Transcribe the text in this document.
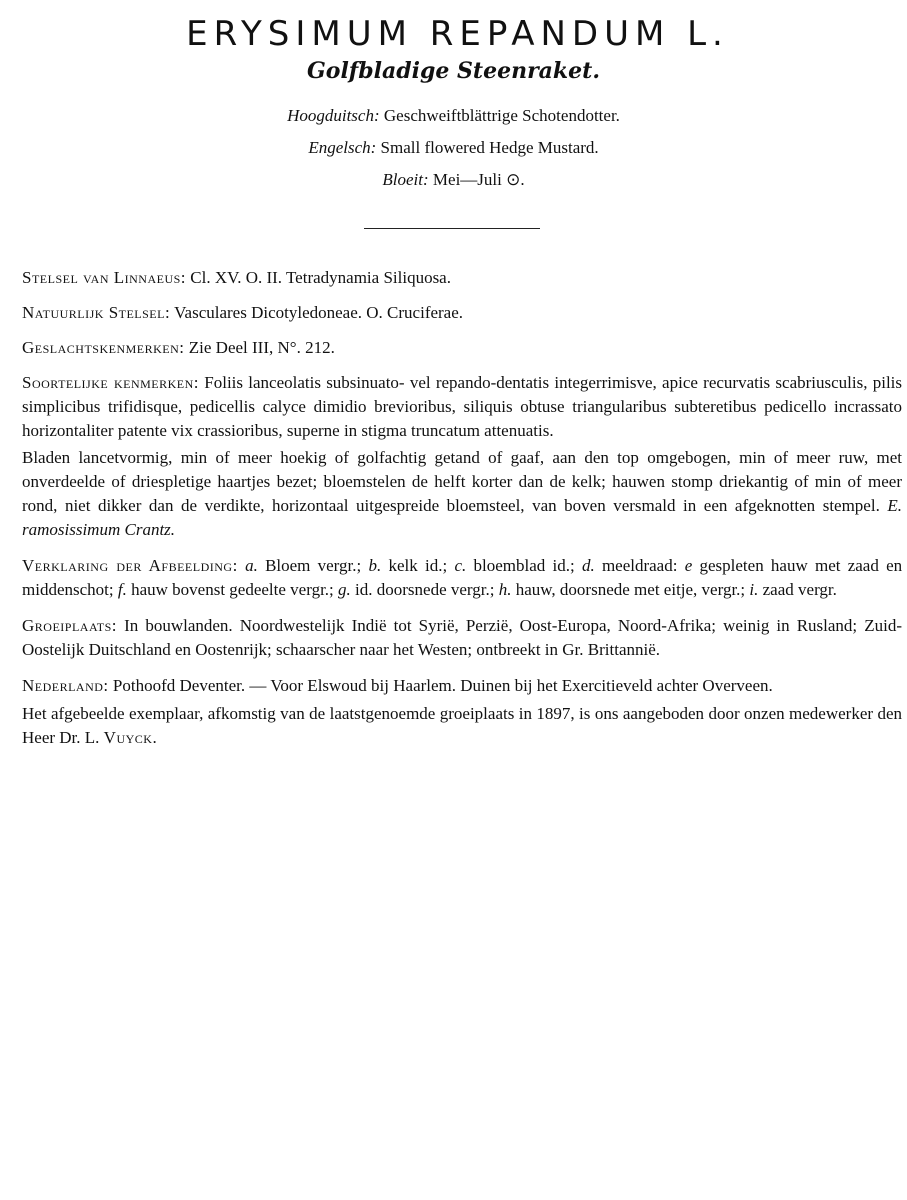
ERYSIMUM REPANDUM L.
Golfbladige Steenraket.
Hoogduitsch: Geschweiftblättrige Schotendotter.
Engelsch: Small flowered Hedge Mustard.
Bloeit: Mei—Juli ⊙.

Stelsel van Linnaeus: Cl. XV. O. II. Tetradynamia Siliquosa.

Natuurlijk Stelsel: Vasculares Dicotyledoneae. O. Cruciferae.

Geslachtskenmerken: Zie Deel III, N°. 212.

Soortelijke kenmerken: Foliis lanceolatis subsinuato- vel repando-dentatis integerrimisve, apice recurvatis scabriusculis, pilis simplicibus trifidisque, pedicellis calyce dimidio brevioribus, siliquis obtuse triangularibus subteretibus pedicello incrassato horizontaliter patente vix crassioribus, superne in stigma truncatum attenuatis.

Bladen lancetvormig, min of meer hoekig of golfachtig getand of gaaf, aan den top omgebogen, min of meer ruw, met onverdeelde of driespletige haartjes bezet; bloemstelen de helft korter dan de kelk; hauwen stomp driekantig of min of meer rond, niet dikker dan de verdikte, horizontaal uitgespreide bloemsteel, van boven versmald in een afgeknotten stempel. E. ramosissimum Crantz.

Verklaring der Afbeelding: a. Bloem vergr.; b. kelk id.; c. bloemblad id.; d. meeldraad: e gespleten hauw met zaad en middenschot; f. hauw bovenst gedeelte vergr.; g. id. doorsnede vergr.; h. hauw, doorsnede met eitje, vergr.; i. zaad vergr.

Groeiplaats: In bouwlanden. Noordwestelijk Indië tot Syrië, Perzië, Oost-Europa, Noord-Afrika; weinig in Rusland; Zuid-Oostelijk Duitschland en Oostenrijk; schaarscher naar het Westen; ontbreekt in Gr. Brittannië.

Nederland: Pothoofd Deventer. — Voor Elswoud bij Haarlem. Duinen bij het Exercitieveld achter Overveen.

Het afgebeelde exemplaar, afkomstig van de laatstgenoemde groeiplaats in 1897, is ons aangeboden door onzen medewerker den Heer Dr. L. Vuyck.
